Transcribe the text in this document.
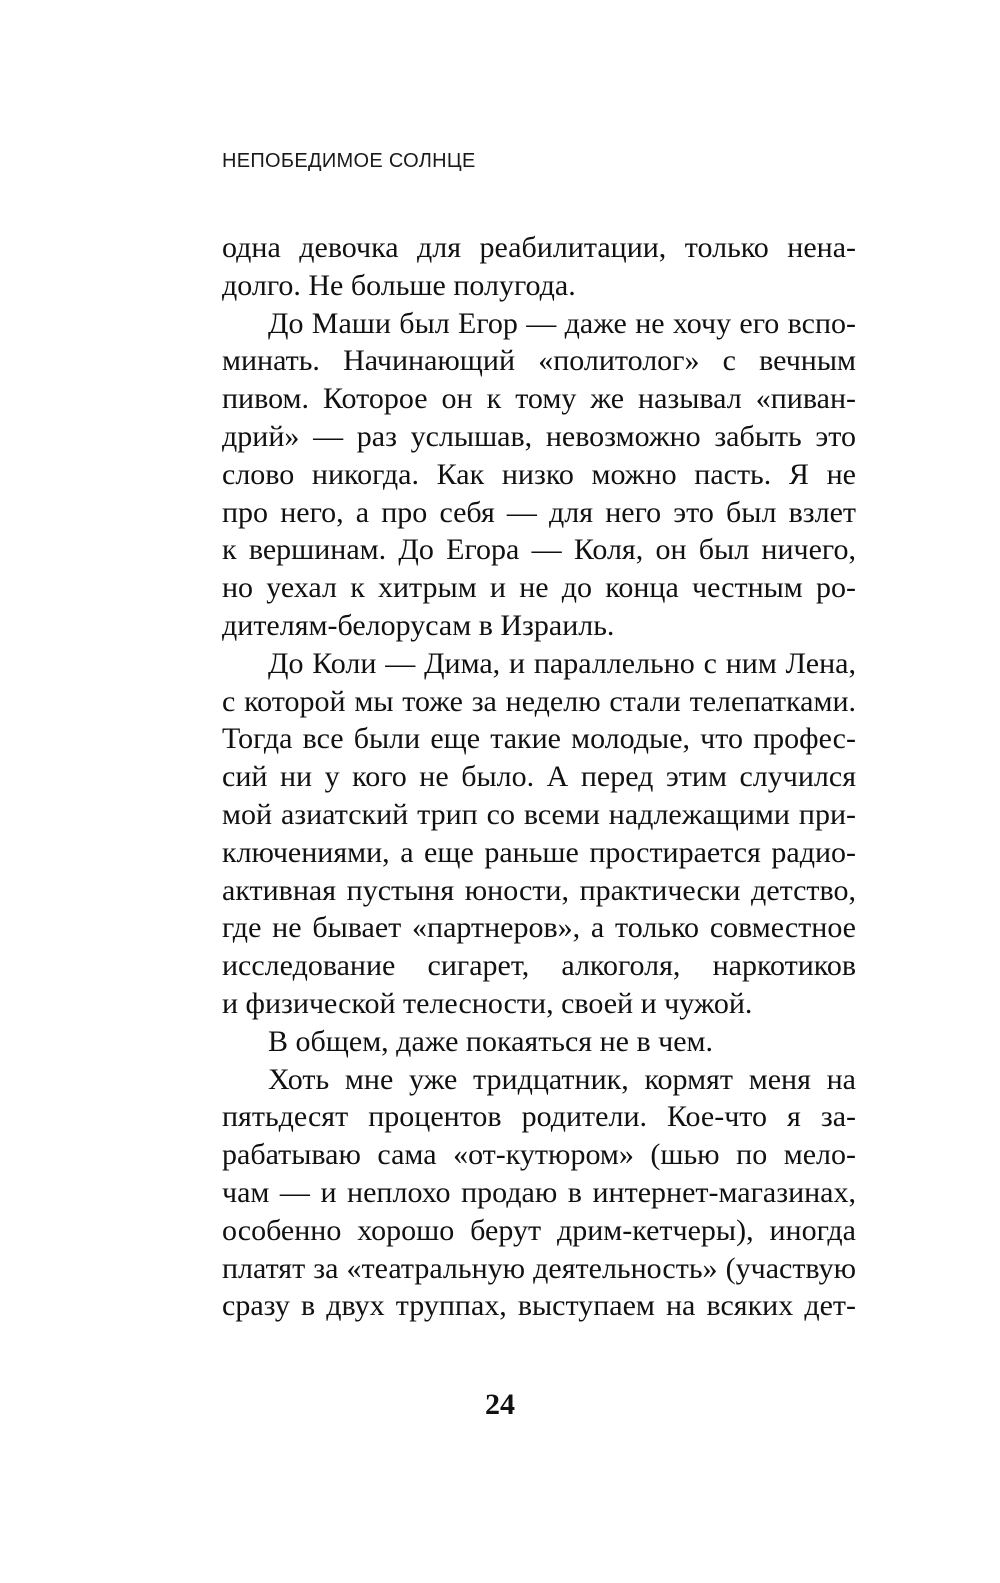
НЕПОБЕДИМОЕ СОЛНЦЕ

одна девочка для реабилитации, только нена-
долго. Не больше полугода.

До Маши был Егор — даже не хочу его вспо-
минать. Начинающий «политолог» с вечным
пивом. Которое он к тому же называл «пиван-
дрий» — раз услышав, невозможно забыть это
слово никогда. Как низко можно пасть. Я не
про него, а про себя — для него это был взлет
к вершинам. До Егора — Коля, он был ничего,
но уехал к хитрым и не до конца честным ро-
дителям-белорусам в Израиль.

До Коли — Дима, и параллельно с ним Лена,
с которой мы тоже за неделю стали телепатками.
Тогда все были еще такие молодые, что профес-
сий ни у кого не было. А перед этим случился
мой азиатский трип со всеми надлежащими при-
ключениями, а еще раньше простирается радио-
активная пустыня юности, практически детство,
где не бывает «партнеров», а только совместное
исследование сигарет, алкоголя, наркотиков
и физической телесности, своей и чужой.

В общем, даже покаяться не в чем.

Хоть мне уже тридцатник, кормят меня на
пятьдесят процентов родители. Кое-что я за-
рабатываю сама «от-кутюром» (шью по мело-
чам — и неплохо продаю в интернет-магазинах,
особенно хорошо берут дрим-кетчеры), иногда
платят за «театральную деятельность» (участвую
сразу в двух труппах, выступаем на всяких дет-

24
